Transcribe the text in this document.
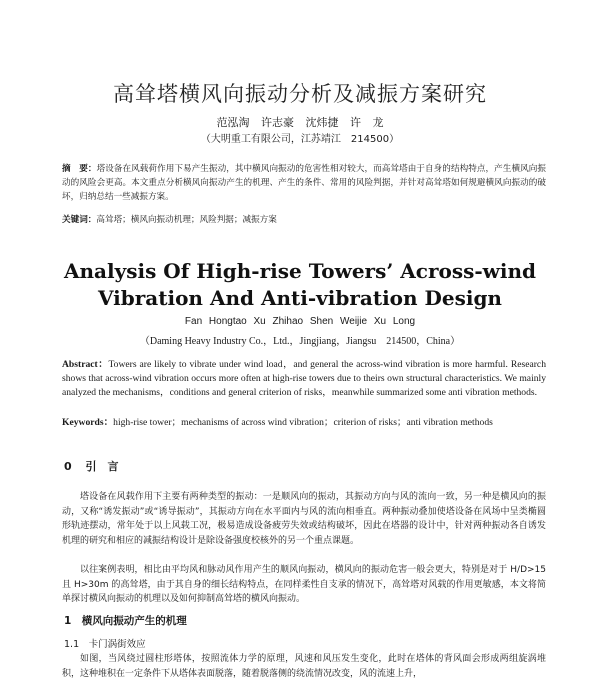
高耸塔横风向振动分析及减振方案研究
范泓淘 许志豪 沈炜捷 许 龙
（大明重工有限公司，江苏靖江　214500）
摘　要：塔设备在风载荷作用下易产生振动，其中横风向振动的危害性相对较大，而高耸塔由于自身的结构特点，产生横风向振动的风险会更高。本文重点分析横风向振动产生的机理、产生的条件、常用的风险判据，并针对高耸塔如何规避横风向振动的破坏，归纳总结一些减振方案。
关键词：高耸塔；横风向振动机理；风险判据；减振方案
Analysis Of High-rise Towers’ Across-wind
Vibration And Anti-vibration Design
Fan Hongtao Xu Zhihao Shen Weijie Xu Long
（Daming Heavy Industry Co.，Ltd.，Jingjiang，Jiangsu　214500，China）
Abstract：Towers are likely to vibrate under wind load，and general the across-wind vibration is more harmful. Research shows that across-wind vibration occurs more often at high-rise towers due to theirs own structural characteristics. We mainly analyzed the mechanisms，conditions and general criterion of risks，meanwhile summarized some anti vibration methods.
Keywords：high-rise tower；mechanisms of across wind vibration；criterion of risks；anti vibration methods
0 引　言
塔设备在风载作用下主要有两种类型的振动：一是顺风向的振动，其振动方向与风的流向一致，另一种是横风向的振动，又称“诱发振动”或“诱导振动”，其振动方向在水平面内与风的流向相垂直。两种振动叠加使塔设备在风场中呈类椭圆形轨迹摆动，常年处于以上风载工况，极易造成设备疲劳失效或结构破坏，因此在塔器的设计中，针对两种振动各自诱发机理的研究和相应的减振结构设计是除设备强度校核外的另一个重点课题。
以往案例表明，相比由平均风和脉动风作用产生的顺风向振动，横风向的振动危害一般会更大，特别是对于 H/D>15 且 H>30m 的高耸塔，由于其自身的细长结构特点，在同样柔性自支承的情况下，高耸塔对风载的作用更敏感，本文将简单探讨横风向振动的机理以及如何抑制高耸塔的横风向振动。
1　横风向振动产生的机理
1.1　卡门涡街效应
如图，当风绕过圆柱形塔体，按照流体力学的原理，风速和风压发生变化，此时在塔体的背风面会形成两组旋涡堆积，这种堆积在一定条件下从塔体表面脱落，随着脱落侧的绕流情况改变，风的流速上升，
